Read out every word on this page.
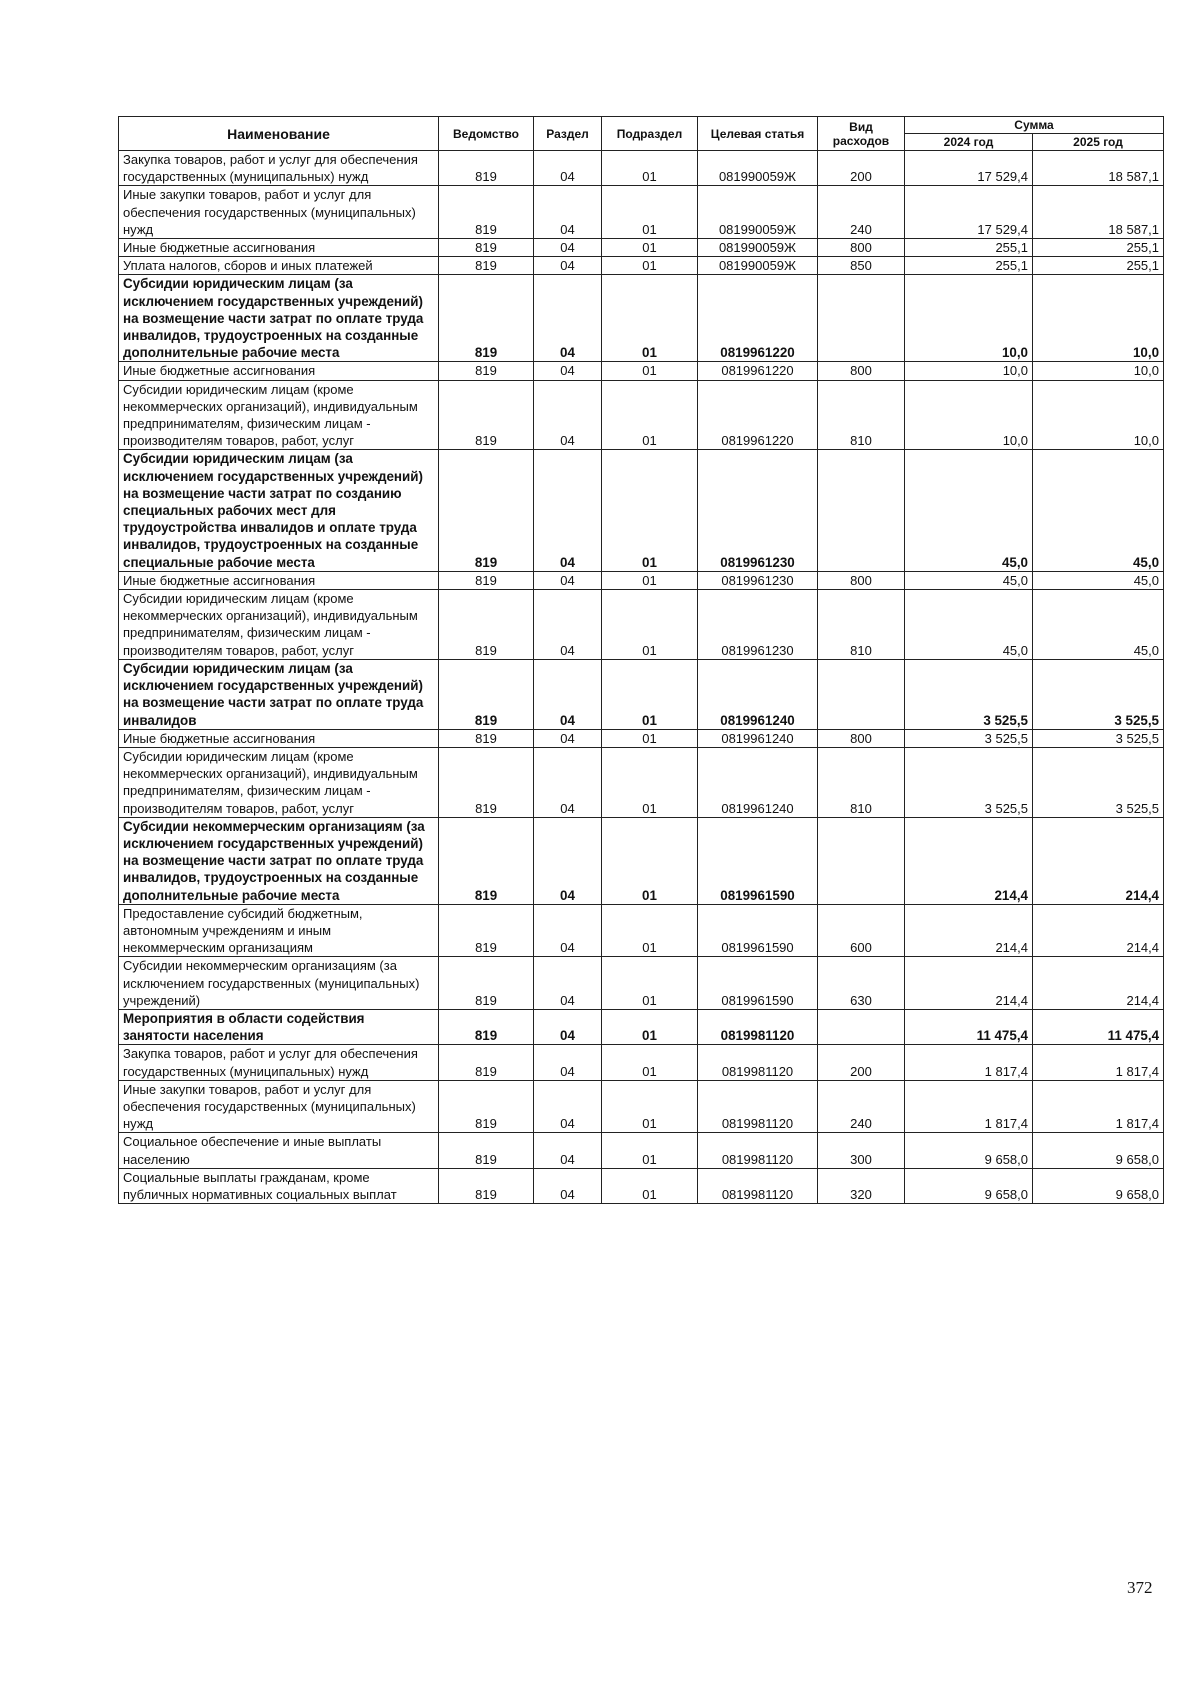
Наименование	Ведомство	Раздел	Подраздел	Целевая статья	Вид расходов	Сумма	
						2024 год	2025 год
Закупка товаров, работ и услуг для обеспечения государственных (муниципальных) нужд	819	04	01	081990059Ж	200	17 529,4	18 587,1
Иные закупки товаров, работ и услуг для обеспечения государственных (муниципальных) нужд	819	04	01	081990059Ж	240	17 529,4	18 587,1
Иные бюджетные ассигнования	819	04	01	081990059Ж	800	255,1	255,1
Уплата налогов, сборов и иных платежей	819	04	01	081990059Ж	850	255,1	255,1
Субсидии юридическим лицам (за исключением государственных учреждений) на возмещение части затрат по оплате труда инвалидов, трудоустроенных на созданные дополнительные рабочие места	819	04	01	0819961220		10,0	10,0
Иные бюджетные ассигнования	819	04	01	0819961220	800	10,0	10,0
Субсидии юридическим лицам (кроме некоммерческих организаций), индивидуальным предпринимателям, физическим лицам - производителям товаров, работ, услуг	819	04	01	0819961220	810	10,0	10,0
Субсидии юридическим лицам (за исключением государственных учреждений) на возмещение части затрат по созданию специальных рабочих мест для трудоустройства инвалидов и оплате труда инвалидов, трудоустроенных на созданные специальные рабочие места	819	04	01	0819961230		45,0	45,0
Иные бюджетные ассигнования	819	04	01	0819961230	800	45,0	45,0
Субсидии юридическим лицам (кроме некоммерческих организаций), индивидуальным предпринимателям, физическим лицам - производителям товаров, работ, услуг	819	04	01	0819961230	810	45,0	45,0
Субсидии юридическим лицам (за исключением государственных учреждений) на возмещение части затрат по оплате труда инвалидов	819	04	01	0819961240		3 525,5	3 525,5
Иные бюджетные ассигнования	819	04	01	0819961240	800	3 525,5	3 525,5
Субсидии юридическим лицам (кроме некоммерческих организаций), индивидуальным предпринимателям, физическим лицам - производителям товаров, работ, услуг	819	04	01	0819961240	810	3 525,5	3 525,5
Субсидии некоммерческим организациям (за исключением государственных учреждений) на возмещение части затрат по оплате труда инвалидов, трудоустроенных на созданные дополнительные рабочие места	819	04	01	0819961590		214,4	214,4
Предоставление субсидий бюджетным, автономным учреждениям и иным некоммерческим организациям	819	04	01	0819961590	600	214,4	214,4
Субсидии некоммерческим организациям (за исключением государственных (муниципальных) учреждений)	819	04	01	0819961590	630	214,4	214,4
Мероприятия в области содействия занятости населения	819	04	01	0819981120		11 475,4	11 475,4
Закупка товаров, работ и услуг для обеспечения государственных (муниципальных) нужд	819	04	01	0819981120	200	1 817,4	1 817,4
Иные закупки товаров, работ и услуг для обеспечения государственных (муниципальных) нужд	819	04	01	0819981120	240	1 817,4	1 817,4
Социальное обеспечение и иные выплаты населению	819	04	01	0819981120	300	9 658,0	9 658,0
Социальные выплаты гражданам, кроме публичных нормативных социальных выплат	819	04	01	0819981120	320	9 658,0	9 658,0
372
